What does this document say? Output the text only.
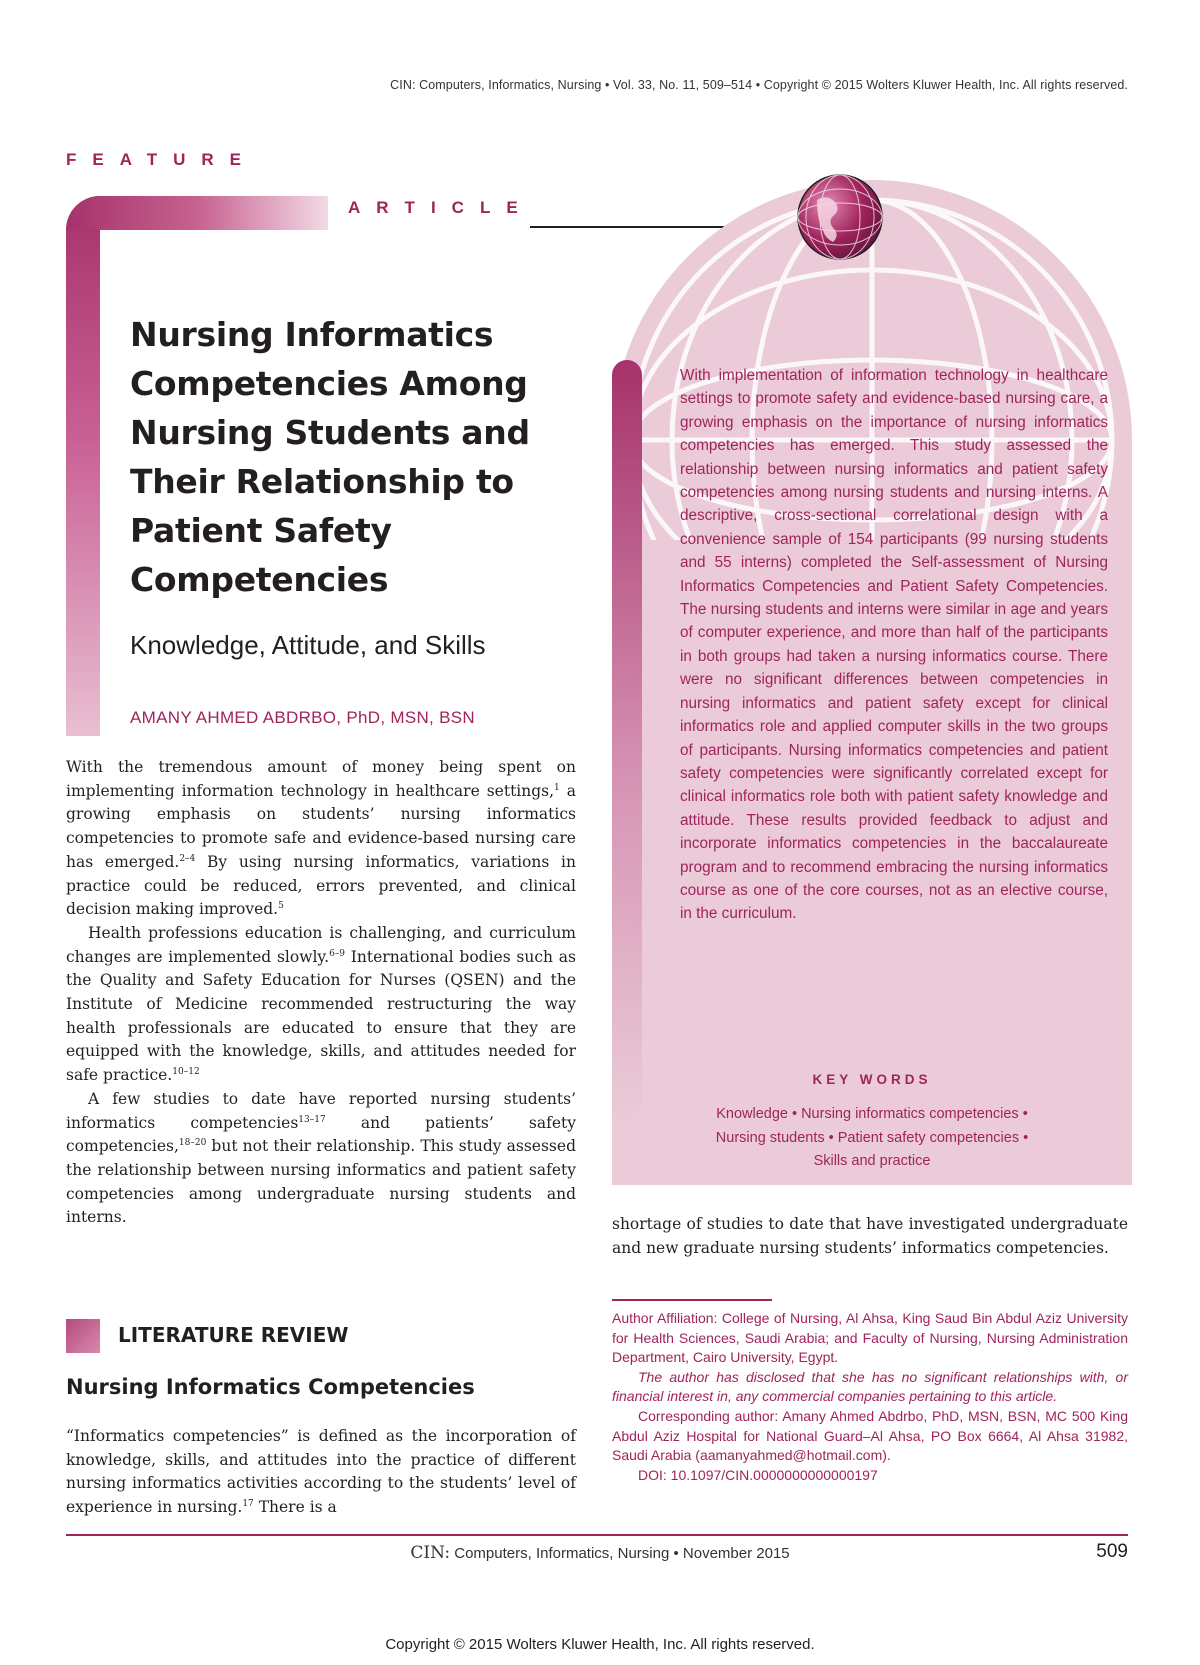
CIN: Computers, Informatics, Nursing • Vol. 33, No. 11, 509–514 • Copyright © 2015 Wolters Kluwer Health, Inc. All rights reserved.
FEATURE
ARTICLE
With implementation of information technology in healthcare settings to promote safety and evidence-based nursing care, a growing emphasis on the importance of nursing informatics competencies has emerged. This study assessed the relationship between nursing informatics and patient safety competencies among nursing students and nursing interns. A descriptive, cross-sectional correlational design with a convenience sample of 154 participants (99 nursing students and 55 interns) completed the Self-assessment of Nursing Informatics Competencies and Patient Safety Competencies. The nursing students and interns were similar in age and years of computer experience, and more than half of the participants in both groups had taken a nursing informatics course. There were no significant differences between competencies in nursing informatics and patient safety except for clinical informatics role and applied computer skills in the two groups of participants. Nursing informatics competencies and patient safety competencies were significantly correlated except for clinical informatics role both with patient safety knowledge and attitude. These results provided feedback to adjust and incorporate informatics competencies in the baccalaureate program and to recommend embracing the nursing informatics course as one of the core courses, not as an elective course, in the curriculum.
KEY WORDS
Knowledge • Nursing informatics competencies •
Nursing students • Patient safety competencies •
Skills and practice
Nursing Informatics
Competencies Among
Nursing Students and
Their Relationship to
Patient Safety
Competencies
Knowledge, Attitude, and Skills
AMANY AHMED ABDRBO, PhD, MSN, BSN

With the tremendous amount of money being spent on implementing information technology in healthcare settings,$^1$ a growing emphasis on students’ nursing informatics competencies to promote safe and evidence-based nursing care has emerged.$^{2-4}$ By using nursing informatics, variations in practice could be reduced, errors prevented, and clinical decision making improved.$^5$

Health professions education is challenging, and curriculum changes are implemented slowly.$^{6-9}$ International bodies such as the Quality and Safety Education for Nurses (QSEN) and the Institute of Medicine recommended restructuring the way health professionals are educated to ensure that they are equipped with the knowledge, skills, and attitudes needed for safe practice.$^{10-12}$

A few studies to date have reported nursing students’ informatics competencies$^{13-17}$ and patients’ safety competencies,$^{18-20}$ but not their relationship. This study assessed the relationship between nursing informatics and patient safety competencies among undergraduate nursing students and interns.

LITERATURE REVIEW
Nursing Informatics Competencies

“Informatics competencies” is defined as the incorporation of knowledge, skills, and attitudes into the practice of different nursing informatics activities according to the students’ level of experience in nursing.$^{17}$ There is a

shortage of studies to date that have investigated undergraduate and new graduate nursing students’ informatics competencies.

Author Affiliation: College of Nursing, Al Ahsa, King Saud Bin Abdul Aziz University for Health Sciences, Saudi Arabia; and Faculty of Nursing, Nursing Administration Department, Cairo University, Egypt.

The author has disclosed that she has no significant relationships with, or financial interest in, any commercial companies pertaining to this article.

Corresponding author: Amany Ahmed Abdrbo, PhD, MSN, BSN, MC 500 King Abdul Aziz Hospital for National Guard–Al Ahsa, PO Box 6664, Al Ahsa 31982, Saudi Arabia (aamanyahmed@hotmail.com).

DOI: 10.1097/CIN.0000000000000197

CIN: Computers, Informatics, Nursing • November 2015	509
Copyright © 2015 Wolters Kluwer Health, Inc. All rights reserved.
